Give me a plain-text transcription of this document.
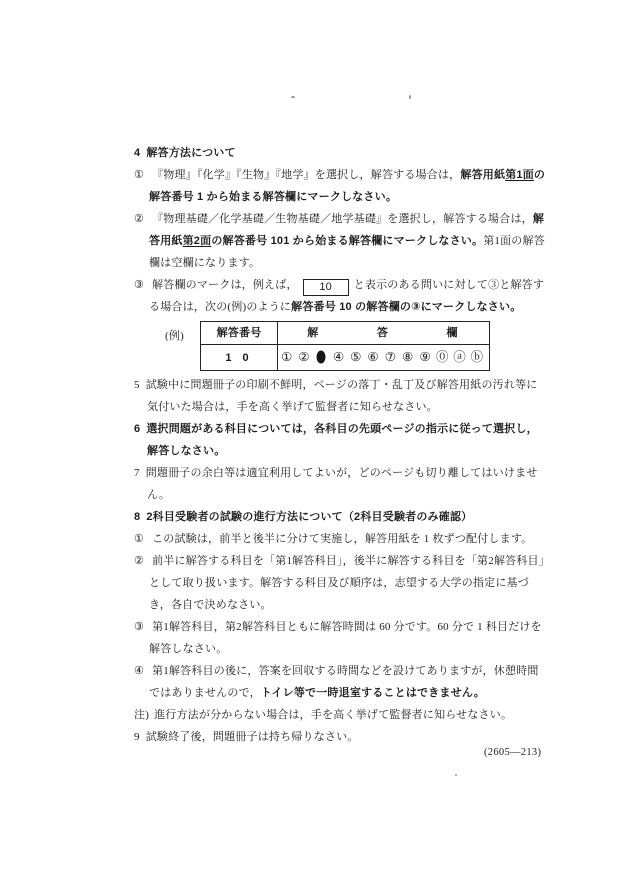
4 解答方法について

① 『物理』『化学』『生物』『地学』を選択し，解答する場合は，解答用紙第1面の解答番号 1 から始まる解答欄にマークしなさい。

② 『物理基礎／化学基礎／生物基礎／地学基礎』を選択し，解答する場合は，解答用紙第2面の解答番号 101 から始まる解答欄にマークしなさい。第1面の解答欄は空欄になります。

③ 解答欄のマークは，例えば， 10 と表示のある問いに対して③と解答する場合は，次の(例)のように解答番号 10 の解答欄の③にマークしなさい。

(例)	解答番号	解 答 欄
1 0	① ② ④ ⑤ ⑥ ⑦ ⑧ ⑨ ⓪ ⓐ ⓑ

5 試験中に問題冊子の印刷不鮮明，ページの落丁・乱丁及び解答用紙の汚れ等に気付いた場合は，手を高く挙げて監督者に知らせなさい。

6 選択問題がある科目については，各科目の先頭ページの指示に従って選択し，解答しなさい。

7 問題冊子の余白等は適宜利用してよいが，どのページも切り離してはいけません。

8 2科目受験者の試験の進行方法について（2科目受験者のみ確認）

① この試験は，前半と後半に分けて実施し，解答用紙を 1 枚ずつ配付します。

② 前半に解答する科目を「第1解答科目」，後半に解答する科目を「第2解答科目」として取り扱います。解答する科目及び順序は，志望する大学の指定に基づき，各自で決めなさい。

③ 第1解答科目，第2解答科目ともに解答時間は 60 分です。60 分で 1 科目だけを解答しなさい。

④ 第1解答科目の後に，答案を回収する時間などを設けてありますが，休憩時間ではありませんので，トイレ等で一時退室することはできません。

注) 進行方法が分からない場合は，手を高く挙げて監督者に知らせなさい。

9 試験終了後，問題冊子は持ち帰りなさい。

(2605—213)
